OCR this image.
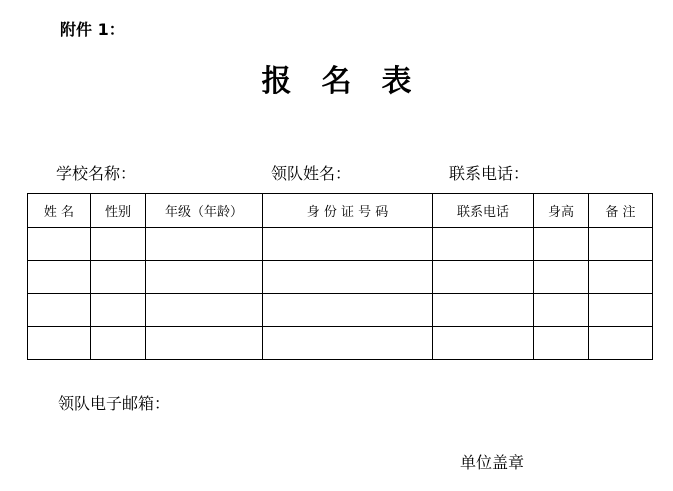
附件 1：
报名表
学校名称：	领队姓名：	联系电话：
姓 名	性别	年级（年龄）	身 份 证 号 码	联系电话	身高	备 注

领队电子邮箱：
单位盖章
